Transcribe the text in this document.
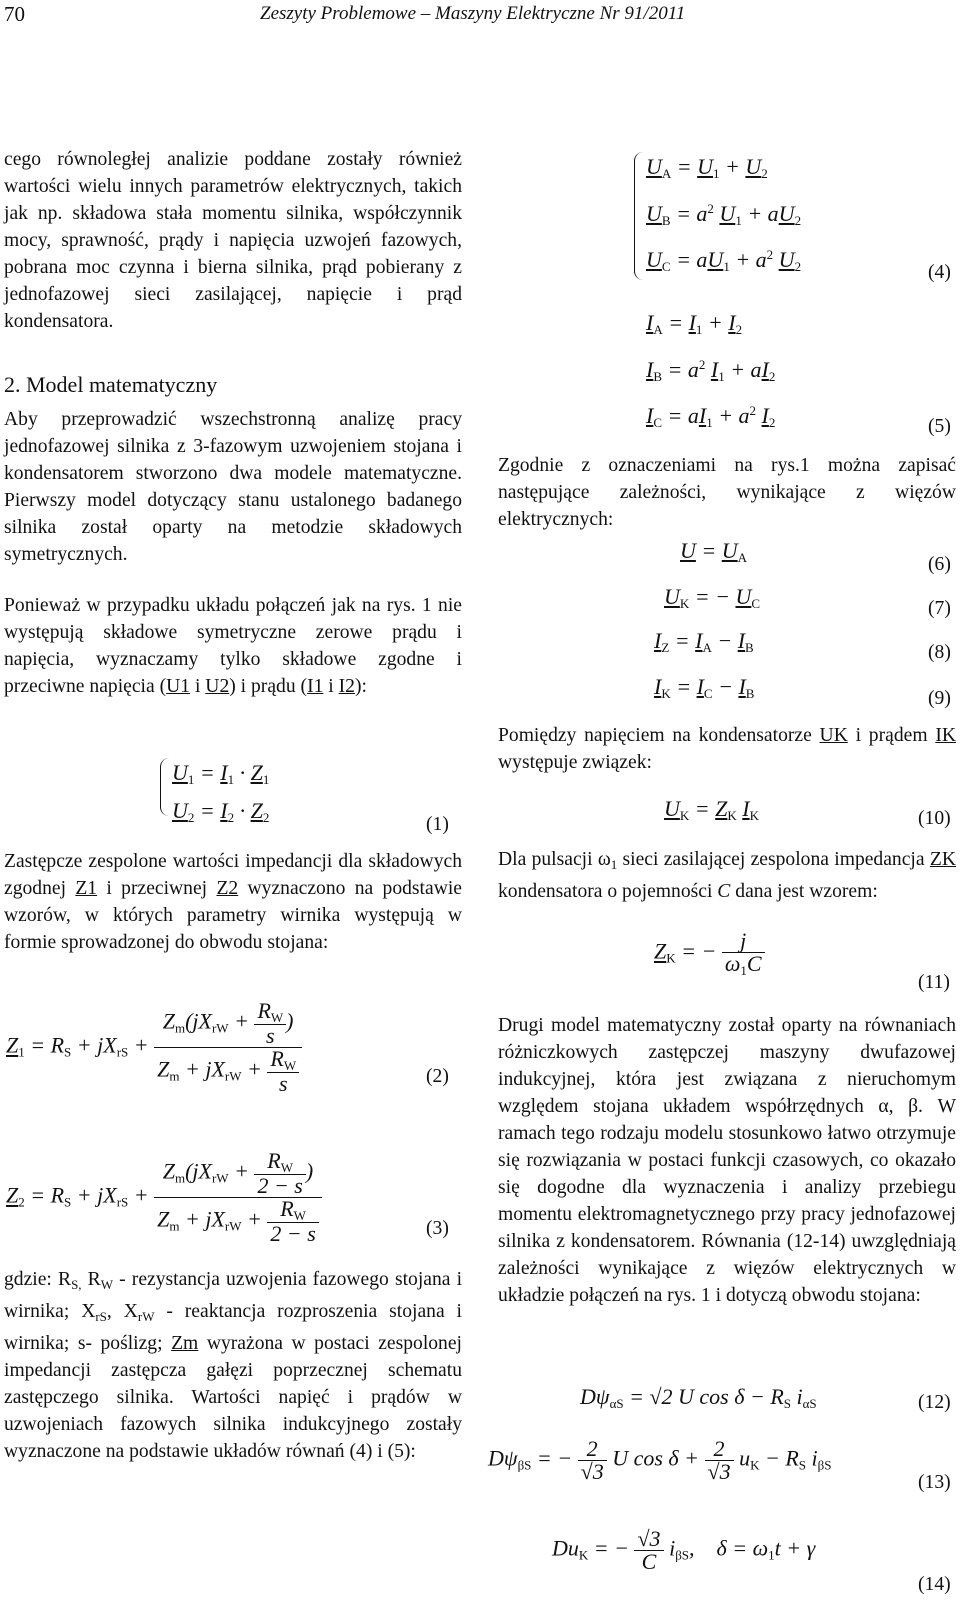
70	Zeszyty Problemowe – Maszyny Elektryczne Nr 91/2011

cego równoległej analizie poddane zostały również wartości wielu innych parametrów elektrycznych, takich jak np. składowa stała momentu silnika, współczynnik mocy, sprawność, prądy i napięcia uzwojeń fazowych, pobrana moc czynna i bierna silnika, prąd pobierany z jednofazowej sieci zasilającej, napięcie i prąd kondensatora.

2. Model matematyczny

Aby przeprowadzić wszechstronną analizę pracy jednofazowej silnika z 3-fazowym uzwojeniem stojana i kondensatorem stworzono dwa modele matematyczne. Pierwszy model dotyczący stanu ustalonego badanego silnika został oparty na metodzie składowych symetrycznych.

Ponieważ w przypadku układu połączeń jak na rys. 1 nie występują składowe symetryczne zerowe prądu i napięcia, wyznaczamy tylko składowe zgodne i przeciwne napięcia (U1 i U2) i prądu (I1 i I2):

$U_1 = I_1 \cdot Z_1$
$U_2 = I_2 \cdot Z_2$	(1)

Zastępcze zespolone wartości impedancji dla składowych zgodnej Z1 i przeciwnej Z2 wyznaczono na podstawie wzorów, w których parametry wirnika występują w formie sprowadzonej do obwodu stojana:

$Z_1 = R_S + jX_{rS} + \frac{Z_m(jX_{rW} + \frac{R_W}{s} )}{Z_m + jX_{rW} + \frac{R_W}{s}}$	(2)
$Z_2 = R_S + jX_{rS} + \frac{Z_m(jX_{rW} + \frac{R_W}{2 - s} )}{Z_m + jX_{rW} + \frac{R_W}{2 - s}}$	(3)

gdzie: $R_{S,}$ $R_W$ - rezystancja uzwojenia fazowego stojana i wirnika; $X_{rS}$, $X_{rW}$ - reaktancja rozproszenia stojana i wirnika; s- poślizg; Zm wyrażona w postaci zespolonej impedancji zastępcza gałęzi poprzecznej schematu zastępczego silnika. Wartości napięć i prądów w uzwojeniach fazowych silnika indukcyjnego zostały wyznaczone na podstawie układów równań (4) i (5):

$U_A = U_1 + U_2$
$U_B = a^2$ $U_1 + aU_2$
$U_C = aU_1 + a^2$ $U_2$	(4)
$I_A = I_1 + I_2$
$I_B = a^2$ $I_1 + aI_2$
$I_C = aI_1 + a^2$ $I_2$	(5)

Zgodnie z oznaczeniami na rys.1 można zapisać następujące zależności, wynikające z więzów elektrycznych:

$U = U_A$	(6)
$U_K$ = − $U_C$	(7)
$I_Z = I_A - I_B$	(8)
$I_K = I_C - I_B$	(9)

Pomiędzy napięciem na kondensatorze UK i prądem IK występuje związek:

$U_K = Z_K$ $I_K$	(10)

Dla pulsacji $\omega_1$ sieci zasilającej zespolona impedancja ZK kondensatora o pojemności C dana jest wzorem:

$Z_K$ = − $\frac{j}{\omega_1C}$
(11)

Drugi model matematyczny został oparty na równaniach różniczkowych zastępczej maszyny dwufazowej indukcyjnej, która jest związana z nieruchomym względem stojana układem współrzędnych α, β. W ramach tego rodzaju modelu stosunkowo łatwo otrzymuje się rozwiązania w postaci funkcji czasowych, co okazało się dogodne dla wyznaczenia i analizy przebiegu momentu elektromagnetycznego przy pracy jednofazowej silnika z kondensatorem. Równania (12-14) uwzględniają zależności wynikające z więzów elektrycznych w układzie połączeń na rys. 1 i dotyczą obwodu stojana:

$D\psi_{\alpha S} = √2$ U $\cos \delta - R_S$ $i_{\alpha S}$	(12)
$D\psi_{\beta S}$ = − $\frac{2}{√3}$ U $\cos \delta + \frac{2}{√3} u_K - R_S$ $i_{\beta S}$
(13)
$Du_K$ = − $\frac{√3}{C} i_{\beta S}$,    $\delta = \omega_1t + \gamma$
(14)
